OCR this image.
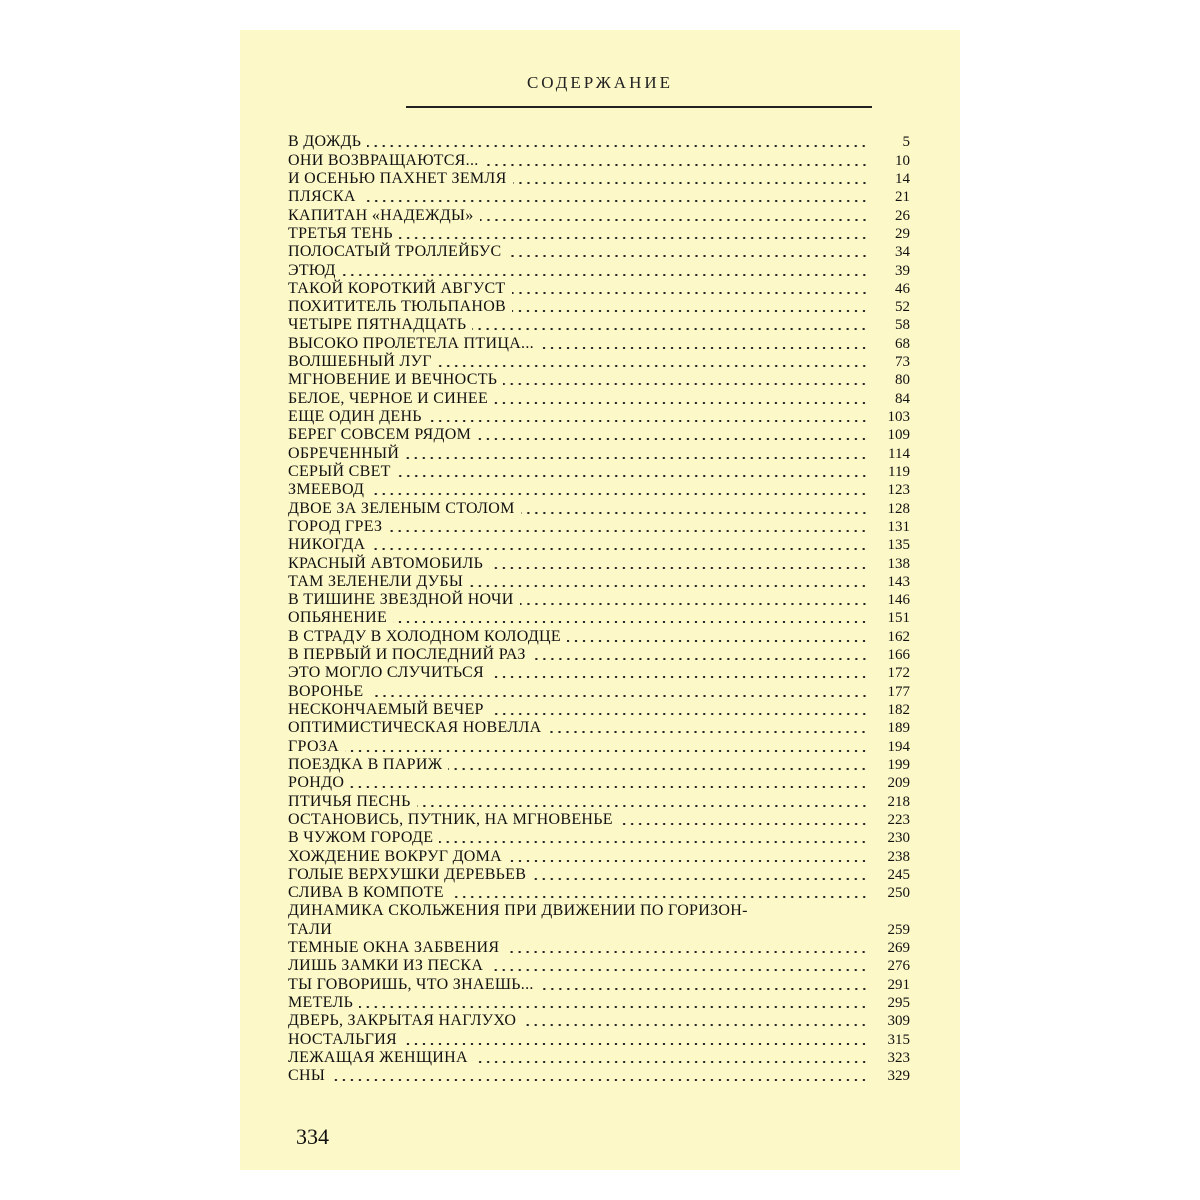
СОДЕРЖАНИЕ
В ДОЖДЬ	5
ОНИ ВОЗВРАЩАЮТСЯ...	10
И ОСЕНЬЮ ПАХНЕТ ЗЕМЛЯ	14
ПЛЯСКА	21
КАПИТАН «НАДЕЖДЫ»	26
ТРЕТЬЯ ТЕНЬ	29
ПОЛОСАТЫЙ ТРОЛЛЕЙБУС	34
ЭТЮД	39
ТАКОЙ КОРОТКИЙ АВГУСТ	46
ПОХИТИТЕЛЬ ТЮЛЬПАНОВ	52
ЧЕТЫРЕ ПЯТНАДЦАТЬ	58
ВЫСОКО ПРОЛЕТЕЛА ПТИЦА...	68
ВОЛШЕБНЫЙ ЛУГ	73
МГНОВЕНИЕ И ВЕЧНОСТЬ	80
БЕЛОЕ, ЧЕРНОЕ И СИНЕЕ	84
ЕЩЕ ОДИН ДЕНЬ	103
БЕРЕГ СОВСЕМ РЯДОМ	109
ОБРЕЧЕННЫЙ	114
СЕРЫЙ СВЕТ	119
ЗМЕЕВОД	123
ДВОЕ ЗА ЗЕЛЕНЫМ СТОЛОМ	128
ГОРОД ГРЕЗ	131
НИКОГДА	135
КРАСНЫЙ АВТОМОБИЛЬ	138
ТАМ ЗЕЛЕНЕЛИ ДУБЫ	143
В ТИШИНЕ ЗВЕЗДНОЙ НОЧИ	146
ОПЬЯНЕНИЕ	151
В СТРАДУ В ХОЛОДНОМ КОЛОДЦЕ	162
В ПЕРВЫЙ И ПОСЛЕДНИЙ РАЗ	166
ЭТО МОГЛО СЛУЧИТЬСЯ	172
ВОРОНЬЕ	177
НЕСКОНЧАЕМЫЙ ВЕЧЕР	182
ОПТИМИСТИЧЕСКАЯ НОВЕЛЛА	189
ГРОЗА	194
ПОЕЗДКА В ПАРИЖ	199
РОНДО	209
ПТИЧЬЯ ПЕСНЬ	218
ОСТАНОВИСЬ, ПУТНИК, НА МГНОВЕНЬЕ	223
В ЧУЖОМ ГОРОДЕ	230
ХОЖДЕНИЕ ВОКРУГ ДОМА	238
ГОЛЫЕ ВЕРХУШКИ ДЕРЕВЬЕВ	245
СЛИВА В КОМПОТЕ	250
ДИНАМИКА СКОЛЬЖЕНИЯ ПРИ ДВИЖЕНИИ ПО ГОРИЗОН-
ТАЛИ	259
ТЕМНЫЕ ОКНА ЗАБВЕНИЯ	269
ЛИШЬ ЗАМКИ ИЗ ПЕСКА	276
ТЫ ГОВОРИШЬ, ЧТО ЗНАЕШЬ...	291
МЕТЕЛЬ	295
ДВЕРЬ, ЗАКРЫТАЯ НАГЛУХО	309
НОСТАЛЬГИЯ	315
ЛЕЖАЩАЯ ЖЕНЩИНА	323
СНЫ	329
334
